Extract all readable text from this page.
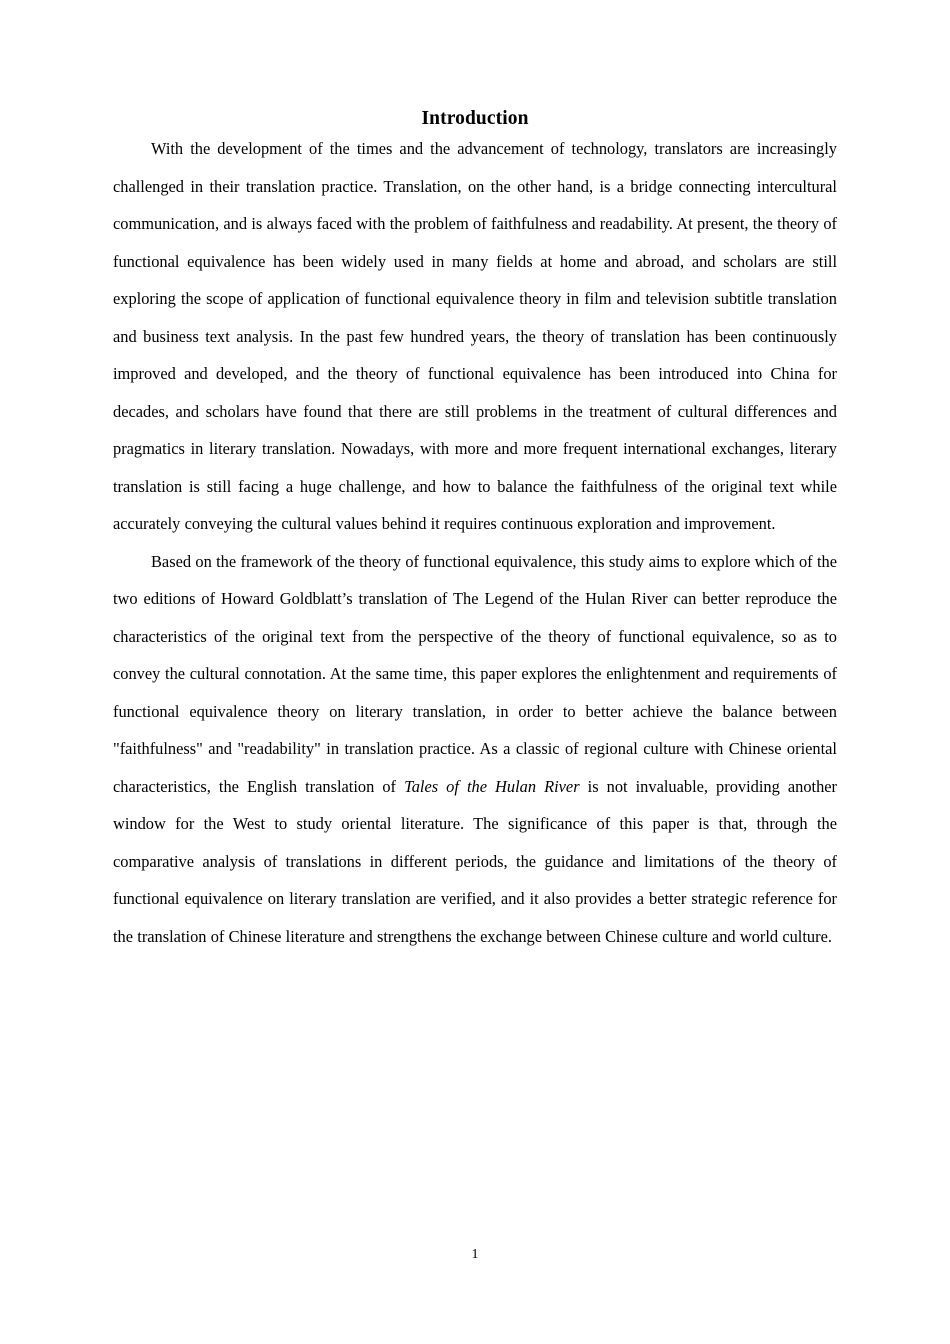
Introduction

With the development of the times and the advancement of technology, translators are increasingly challenged in their translation practice. Translation, on the other hand, is a bridge connecting intercultural communication, and is always faced with the problem of faithfulness and readability. At present, the theory of functional equivalence has been widely used in many fields at home and abroad, and scholars are still exploring the scope of application of functional equivalence theory in film and television subtitle translation and business text analysis. In the past few hundred years, the theory of translation has been continuously improved and developed, and the theory of functional equivalence has been introduced into China for decades, and scholars have found that there are still problems in the treatment of cultural differences and pragmatics in literary translation. Nowadays, with more and more frequent international exchanges, literary translation is still facing a huge challenge, and how to balance the faithfulness of the original text while accurately conveying the cultural values behind it requires continuous exploration and improvement.

Based on the framework of the theory of functional equivalence, this study aims to explore which of the two editions of Howard Goldblatt’s translation of The Legend of the Hulan River can better reproduce the characteristics of the original text from the perspective of the theory of functional equivalence, so as to convey the cultural connotation. At the same time, this paper explores the enlightenment and requirements of functional equivalence theory on literary translation, in order to better achieve the balance between "faithfulness" and "readability" in translation practice. As a classic of regional culture with Chinese oriental characteristics, the English translation of Tales of the Hulan River is not invaluable, providing another window for the West to study oriental literature. The significance of this paper is that, through the comparative analysis of translations in different periods, the guidance and limitations of the theory of functional equivalence on literary translation are verified, and it also provides a better strategic reference for the translation of Chinese literature and strengthens the exchange between Chinese culture and world culture.

1
